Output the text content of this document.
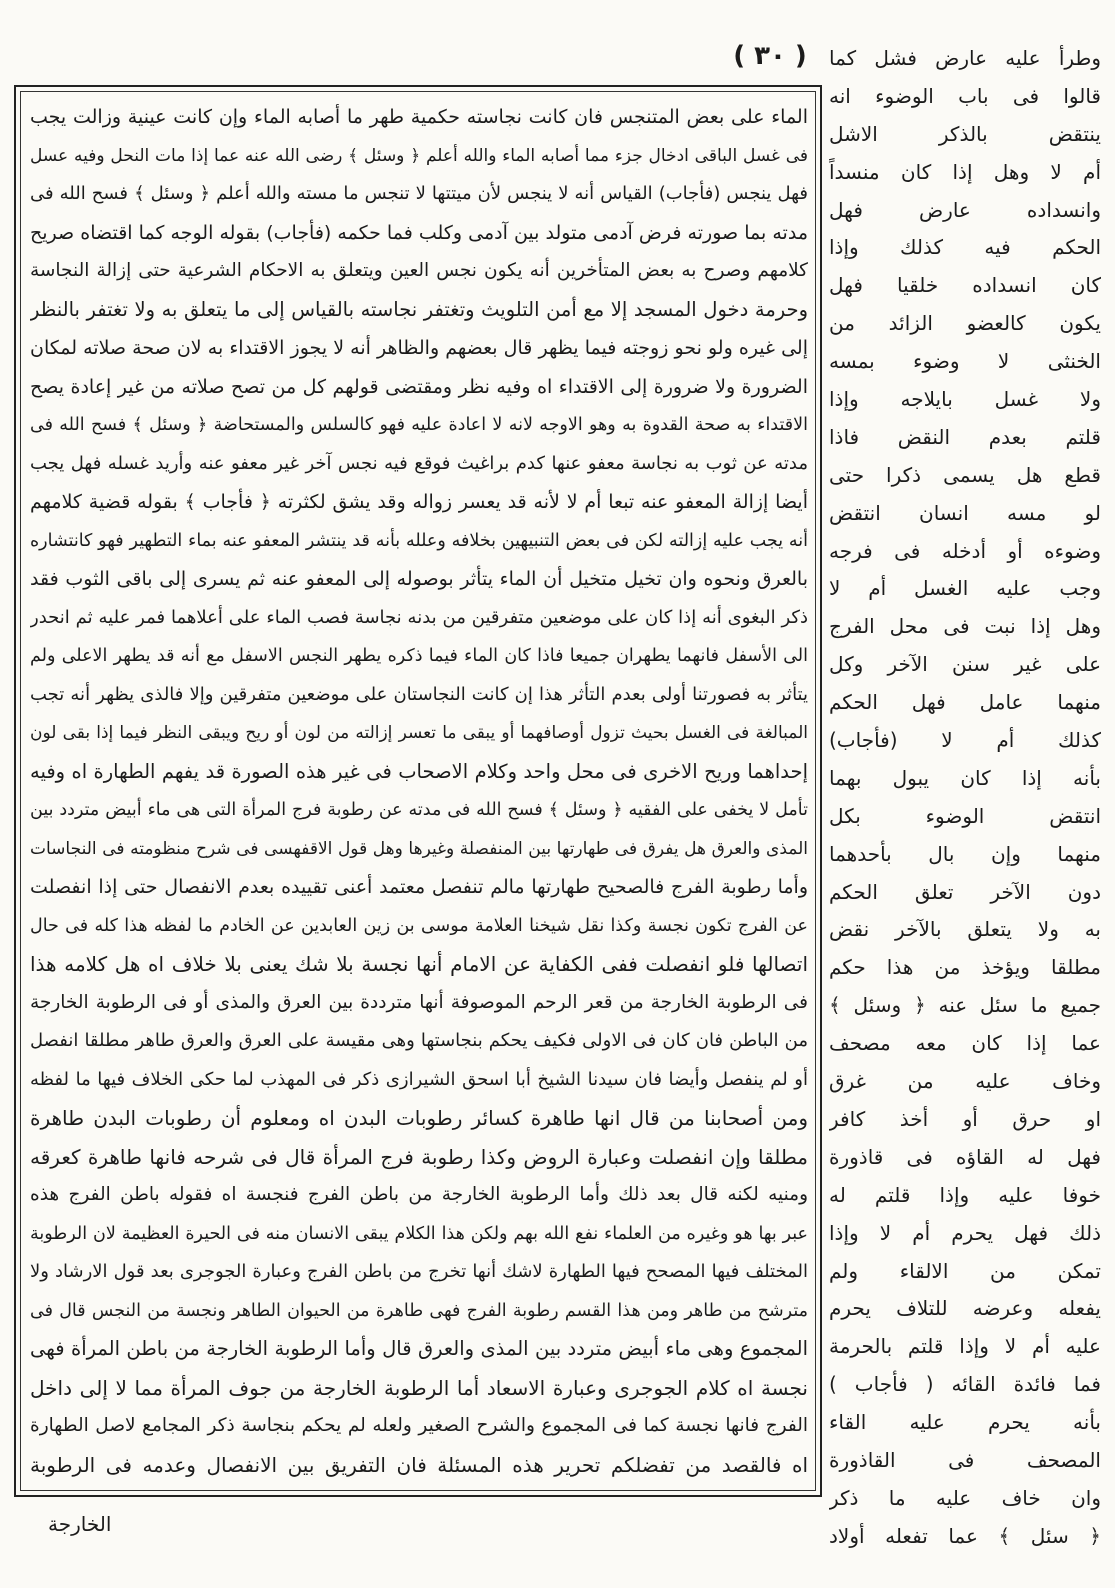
( ٣٠ )
الماء على بعض المتنجس فان كانت نجاسته حكمية طهر ما أصابه الماء وإن كانت عينية وزالت يجب
فى غسل الباقى ادخال جزء مما أصابه الماء والله أعلم ﴿ وسئل ﴾ رضى الله عنه عما إذا مات النحل وفيه عسل
فهل ينجس (فأجاب) القياس أنه لا ينجس لأن ميتتها لا تنجس ما مسته والله أعلم ﴿ وسئل ﴾ فسح الله فى
مدته بما صورته فرض آدمى متولد بين آدمى وكلب فما حكمه (فأجاب) بقوله الوجه كما اقتضاه صريح
كلامهم وصرح به بعض المتأخرين أنه يكون نجس العين ويتعلق به الاحكام الشرعية حتى إزالة النجاسة
وحرمة دخول المسجد إلا مع أمن التلويث وتغتفر نجاسته بالقياس إلى ما يتعلق به ولا تغتفر بالنظر
إلى غيره ولو نحو زوجته فيما يظهر قال بعضهم والظاهر أنه لا يجوز الاقتداء به لان صحة صلاته لمكان
الضرورة ولا ضرورة إلى الاقتداء اه وفيه نظر ومقتضى قولهم كل من تصح صلاته من غير إعادة يصح
الاقتداء به صحة القدوة به وهو الاوجه لانه لا اعادة عليه فهو كالسلس والمستحاضة ﴿ وسئل ﴾ فسح الله فى
مدته عن ثوب به نجاسة معفو عنها كدم براغيث فوقع فيه نجس آخر غير معفو عنه وأريد غسله فهل يجب
أيضا إزالة المعفو عنه تبعا أم لا لأنه قد يعسر زواله وقد يشق لكثرته ﴿ فأجاب ﴾ بقوله قضية كلامهم
أنه يجب عليه إزالته لكن فى بعض التنبيهين بخلافه وعلله بأنه قد ينتشر المعفو عنه بماء التطهير فهو كانتشاره
بالعرق ونحوه وان تخيل متخيل أن الماء يتأثر بوصوله إلى المعفو عنه ثم يسرى إلى باقى الثوب فقد
ذكر البغوى أنه إذا كان على موضعين متفرقين من بدنه نجاسة فصب الماء على أعلاهما فمر عليه ثم انحدر
الى الأسفل فانهما يطهران جميعا فاذا كان الماء فيما ذكره يطهر النجس الاسفل مع أنه قد يطهر الاعلى ولم
يتأثر به فصورتنا أولى بعدم التأثر هذا إن كانت النجاستان على موضعين متفرقين وإلا فالذى يظهر أنه تجب
المبالغة فى الغسل بحيث تزول أوصافهما أو يبقى ما تعسر إزالته من لون أو ريح ويبقى النظر فيما إذا بقى لون
إحداهما وريح الاخرى فى محل واحد وكلام الاصحاب فى غير هذه الصورة قد يفهم الطهارة اه وفيه
تأمل لا يخفى على الفقيه ﴿ وسئل ﴾ فسح الله فى مدته عن رطوبة فرج المرأة التى هى ماء أبيض متردد بين
المذى والعرق هل يفرق فى طهارتها بين المنفصلة وغيرها وهل قول الاقفهسى فى شرح منظومته فى النجاسات
وأما رطوبة الفرج فالصحيح طهارتها مالم تنفصل معتمد أعنى تقييده بعدم الانفصال حتى إذا انفصلت
عن الفرج تكون نجسة وكذا نقل شيخنا العلامة موسى بن زين العابدين عن الخادم ما لفظه هذا كله فى حال
اتصالها فلو انفصلت ففى الكفاية عن الامام أنها نجسة بلا شك يعنى بلا خلاف اه هل كلامه هذا
فى الرطوبة الخارجة من قعر الرحم الموصوفة أنها مترددة بين العرق والمذى أو فى الرطوبة الخارجة
من الباطن فان كان فى الاولى فكيف يحكم بنجاستها وهى مقيسة على العرق والعرق طاهر مطلقا انفصل
أو لم ينفصل وأيضا فان سيدنا الشيخ أبا اسحق الشيرازى ذكر فى المهذب لما حكى الخلاف فيها ما لفظه
ومن أصحابنا من قال انها طاهرة كسائر رطوبات البدن اه ومعلوم أن رطوبات البدن طاهرة
مطلقا وإن انفصلت وعبارة الروض وكذا رطوبة فرج المرأة قال فى شرحه فانها طاهرة كعرقه
ومنيه لكنه قال بعد ذلك وأما الرطوبة الخارجة من باطن الفرج فنجسة اه فقوله باطن الفرج هذه
عبر بها هو وغيره من العلماء نفع الله بهم ولكن هذا الكلام يبقى الانسان منه فى الحيرة العظيمة لان الرطوبة
المختلف فيها المصحح فيها الطهارة لاشك أنها تخرج من باطن الفرج وعبارة الجوجرى بعد قول الارشاد ولا
مترشح من طاهر ومن هذا القسم رطوبة الفرج فهى طاهرة من الحيوان الطاهر ونجسة من النجس قال فى
المجموع وهى ماء أبيض متردد بين المذى والعرق قال وأما الرطوبة الخارجة من باطن المرأة فهى
نجسة اه كلام الجوجرى وعبارة الاسعاد أما الرطوبة الخارجة من جوف المرأة مما لا إلى داخل
الفرج فانها نجسة كما فى المجموع والشرح الصغير ولعله لم يحكم بنجاسة ذكر المجامع لاصل الطهارة
اه فالقصد من تفضلكم تحرير هذه المسئلة فان التفريق بين الانفصال وعدمه فى الرطوبة
وطرأ عليه عارض فشل كما
قالوا فى باب الوضوء انه
ينتقض بالذكر الاشل
أم لا وهل إذا كان منسداً
وانسداده عارض فهل
الحكم فيه كذلك وإذا
كان انسداده خلقيا فهل
يكون كالعضو الزائد من
الخنثى لا وضوء بمسه
ولا غسل بايلاجه وإذا
قلتم بعدم النقض فاذا
قطع هل يسمى ذكرا حتى
لو مسه انسان انتقض
وضوءه أو أدخله فى فرجه
وجب عليه الغسل أم لا
وهل إذا نبت فى محل الفرج
على غير سنن الآخر وكل
منهما عامل فهل الحكم
كذلك أم لا (فأجاب)
بأنه إذا كان يبول بهما
انتقض الوضوء بكل
منهما وإن بال بأحدهما
دون الآخر تعلق الحكم
به ولا يتعلق بالآخر نقض
مطلقا ويؤخذ من هذا حكم
جميع ما سئل عنه ﴿ وسئل ﴾
عما إذا كان معه مصحف
وخاف عليه من غرق
او حرق أو أخذ كافر
فهل له القاؤه فى قاذورة
خوفا عليه وإذا قلتم له
ذلك فهل يحرم أم لا وإذا
تمكن من الالقاء ولم
يفعله وعرضه للتلاف يحرم
عليه أم لا وإذا قلتم بالحرمة
فما فائدة القائه ( فأجاب )
بأنه يحرم عليه القاء
المصحف فى القاذورة
وان خاف عليه ما ذكر
﴿ سئل ﴾ عما تفعله أولاد
الخارجة
